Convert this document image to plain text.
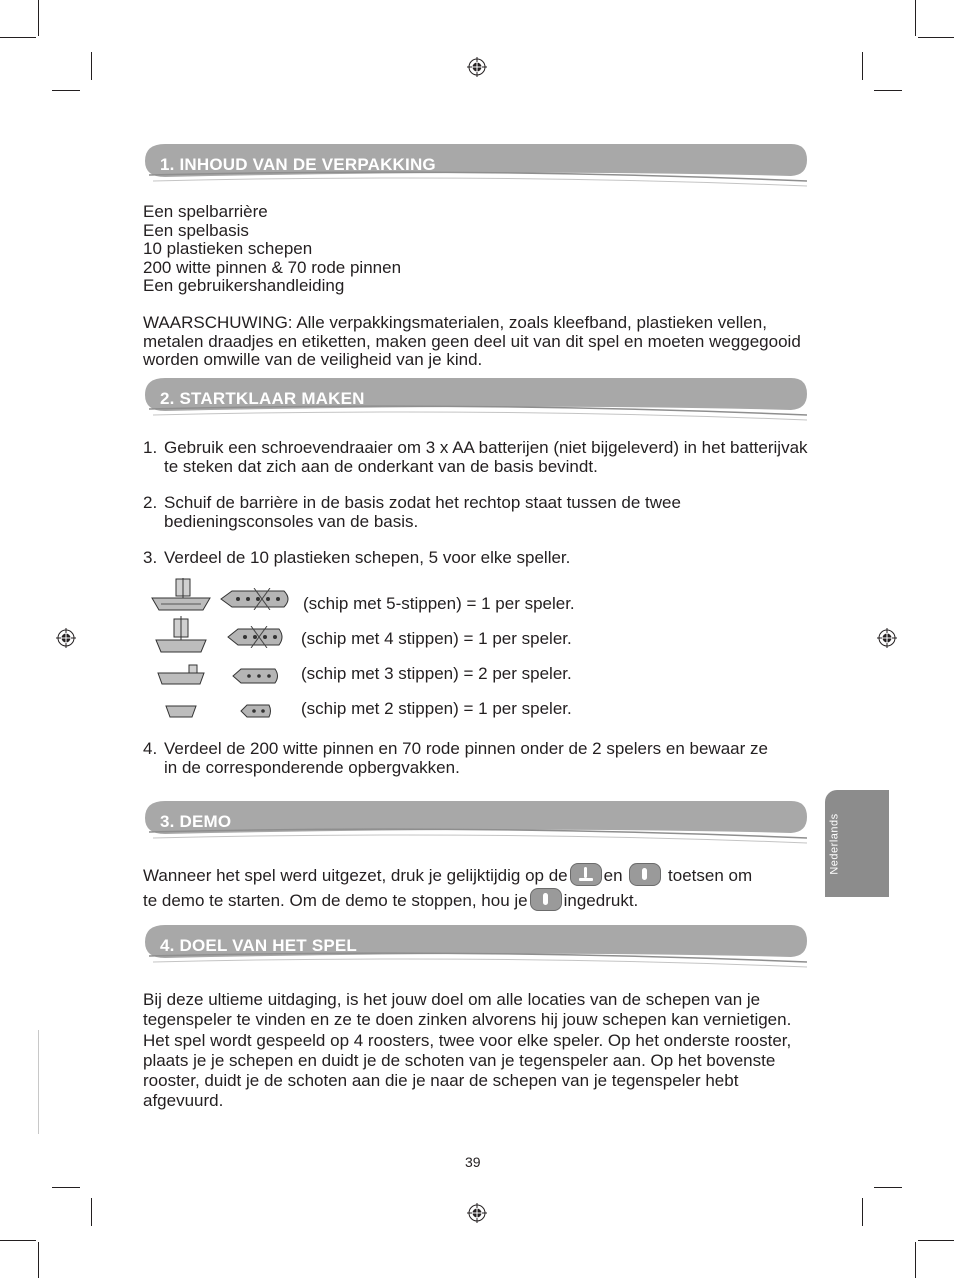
1. INHOUD VAN DE VERPAKKING
Een spelbarrière
Een spelbasis
10 plastieken schepen
200 witte pinnen & 70 rode pinnen
Een gebruikershandleiding
WAARSCHUWING: Alle verpakkingsmaterialen, zoals kleefband, plastieken vellen, metalen draadjes en etiketten, maken geen deel uit van dit spel en moeten weggegooid worden omwille van de veiligheid van je kind.
2. STARTKLAAR MAKEN
1. Gebruik een schroevendraaier om 3 x AA batterijen (niet bijgeleverd) in het batterijvak te steken dat zich aan de onderkant van de basis bevindt.
2. Schuif de barrière in de basis zodat het rechtop staat tussen de twee bedieningsconsoles van de basis.
3. Verdeel de 10 plastieken schepen, 5 voor elke speller.
(schip met 5-stippen) = 1 per speler.
(schip met 4 stippen) = 1 per speler.
(schip met 3 stippen) = 2 per speler.
(schip met 2 stippen) = 1 per speler.
4. Verdeel de 200 witte pinnen en 70 rode pinnen onder de 2 spelers en bewaar ze in de corresponderende opbergvakken.
3. DEMO
Wanneer het spel werd uitgezet, druk je gelijktijdig op de en	toetsen om
te demo te starten. Om de demo te stoppen, hou je ingedrukt.
4. DOEL VAN HET SPEL
Bij deze ultieme uitdaging, is het jouw doel om alle locaties van de schepen van je tegenspeler te vinden en ze te doen zinken alvorens hij jouw schepen kan vernietigen. Het spel wordt gespeeld op 4 roosters, twee voor elke speler. Op het onderste rooster, plaats je je schepen en duidt je de schoten van je tegenspeler aan. Op het bovenste rooster, duidt je de schoten aan die je naar de schepen van je tegenspeler hebt afgevuurd.
Nederlands
39
